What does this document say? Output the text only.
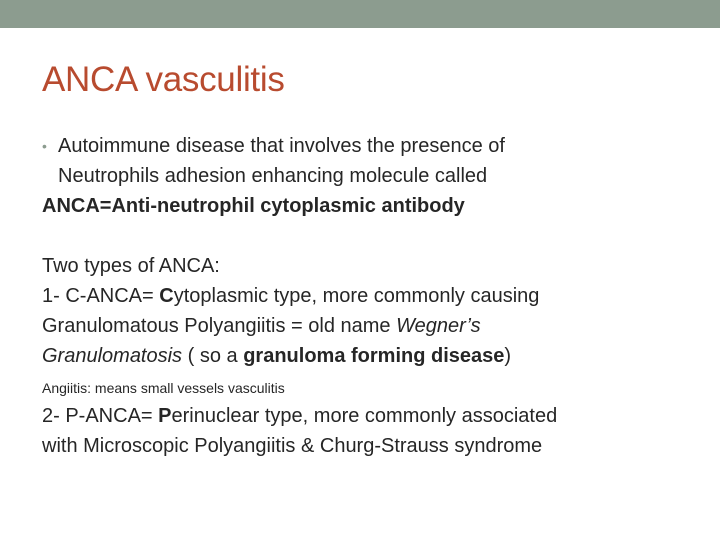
ANCA vasculitis
• Autoimmune disease that involves the presence of
Neutrophils adhesion enhancing molecule called
ANCA=Anti-neutrophil cytoplasmic antibody
Two types of ANCA:
1- C-ANCA= Cytoplasmic type, more commonly causing
Granulomatous Polyangiitis = old name Wegner’s
Granulomatosis ( so a granuloma forming disease)
Angiitis: means small vessels vasculitis
2- P-ANCA= Perinuclear type, more commonly associated
with Microscopic Polyangiitis & Churg-Strauss syndrome
